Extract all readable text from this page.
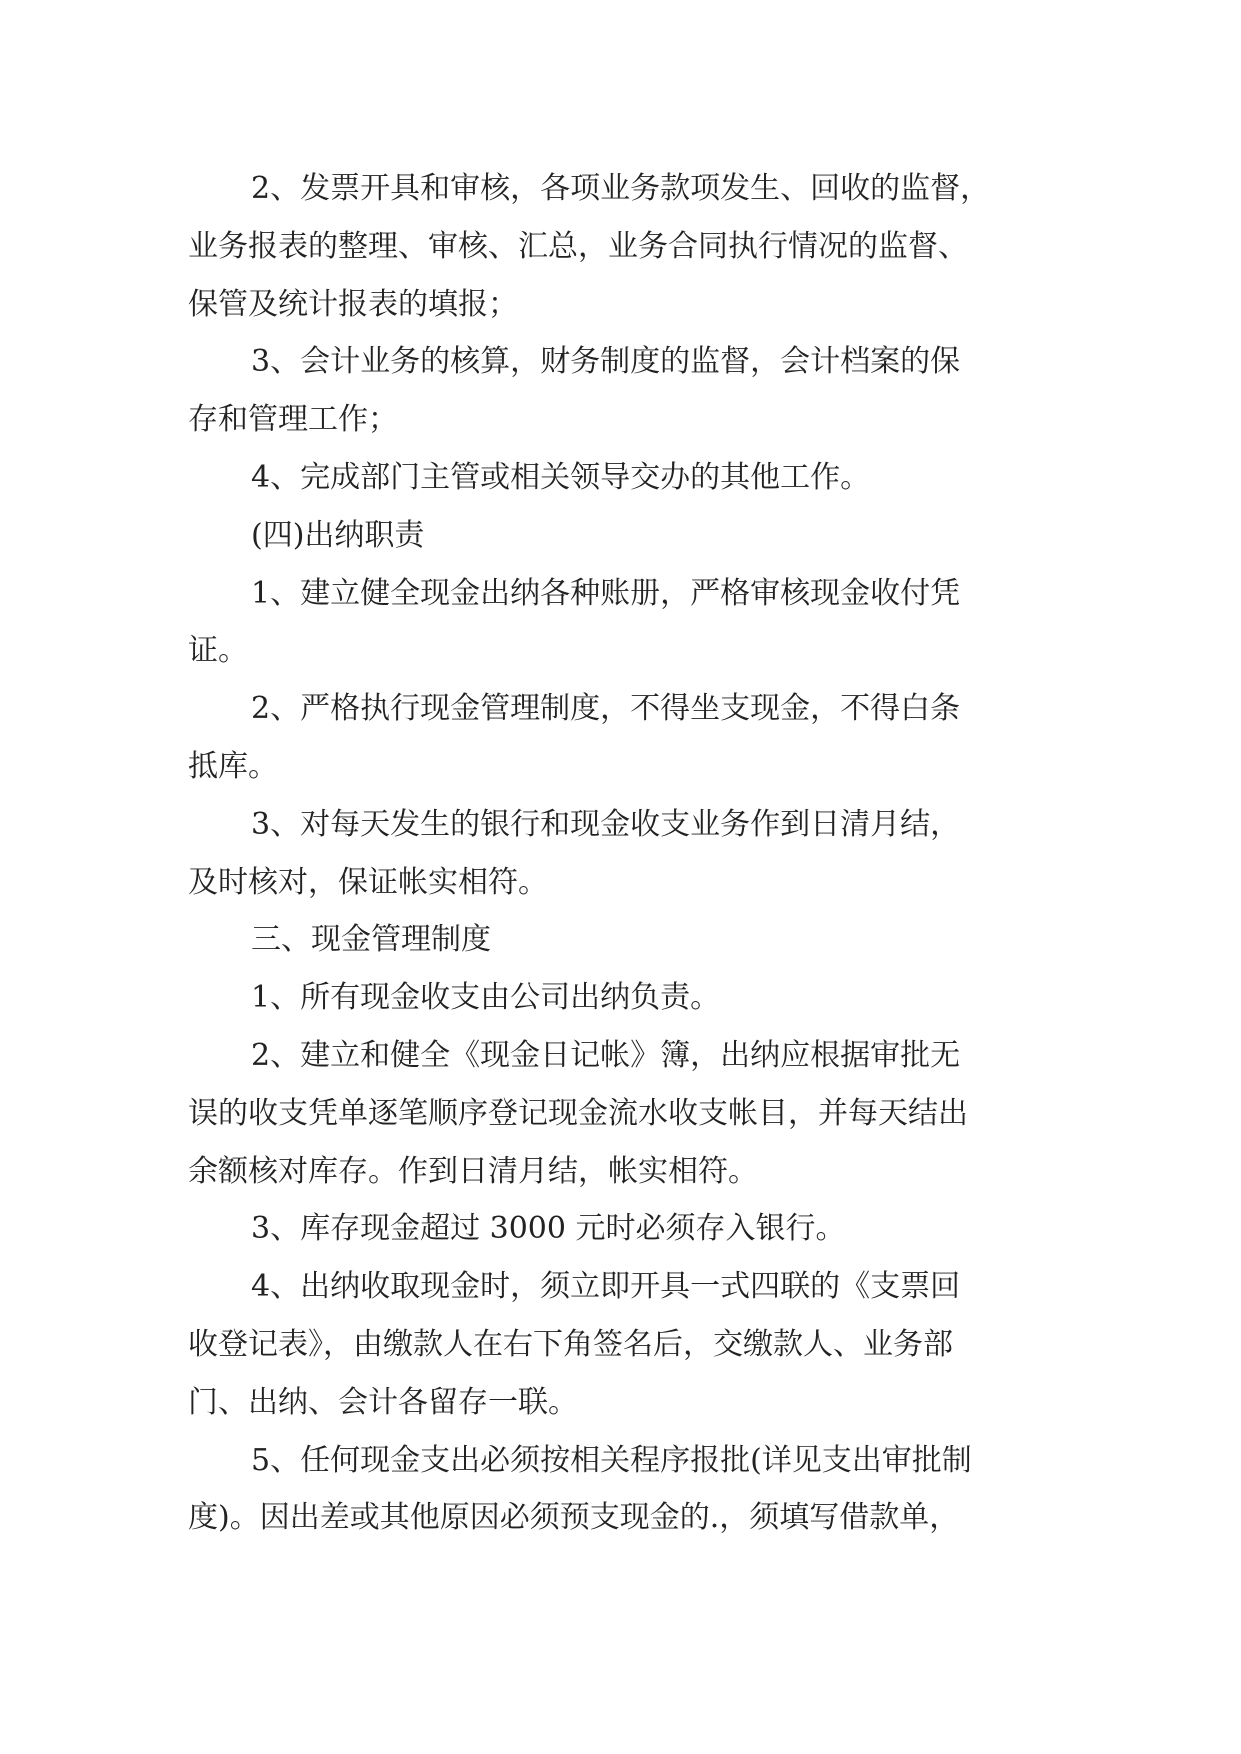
2、发票开具和审核，各项业务款项发生、回收的监督，
业务报表的整理、审核、汇总，业务合同执行情况的监督、
保管及统计报表的填报；
3、会计业务的核算，财务制度的监督，会计档案的保
存和管理工作；
4、完成部门主管或相关领导交办的其他工作。
(四)出纳职责
1、建立健全现金出纳各种账册，严格审核现金收付凭
证。
2、严格执行现金管理制度，不得坐支现金，不得白条
抵库。
3、对每天发生的银行和现金收支业务作到日清月结，
及时核对，保证帐实相符。
三、现金管理制度
1、所有现金收支由公司出纳负责。
2、建立和健全《现金日记帐》簿，出纳应根据审批无
误的收支凭单逐笔顺序登记现金流水收支帐目，并每天结出
余额核对库存。作到日清月结，帐实相符。
3、库存现金超过 3000 元时必须存入银行。
4、出纳收取现金时，须立即开具一式四联的《支票回
收登记表》，由缴款人在右下角签名后，交缴款人、业务部
门、出纳、会计各留存一联。
5、任何现金支出必须按相关程序报批(详见支出审批制
度)。因出差或其他原因必须预支现金的.，须填写借款单，
